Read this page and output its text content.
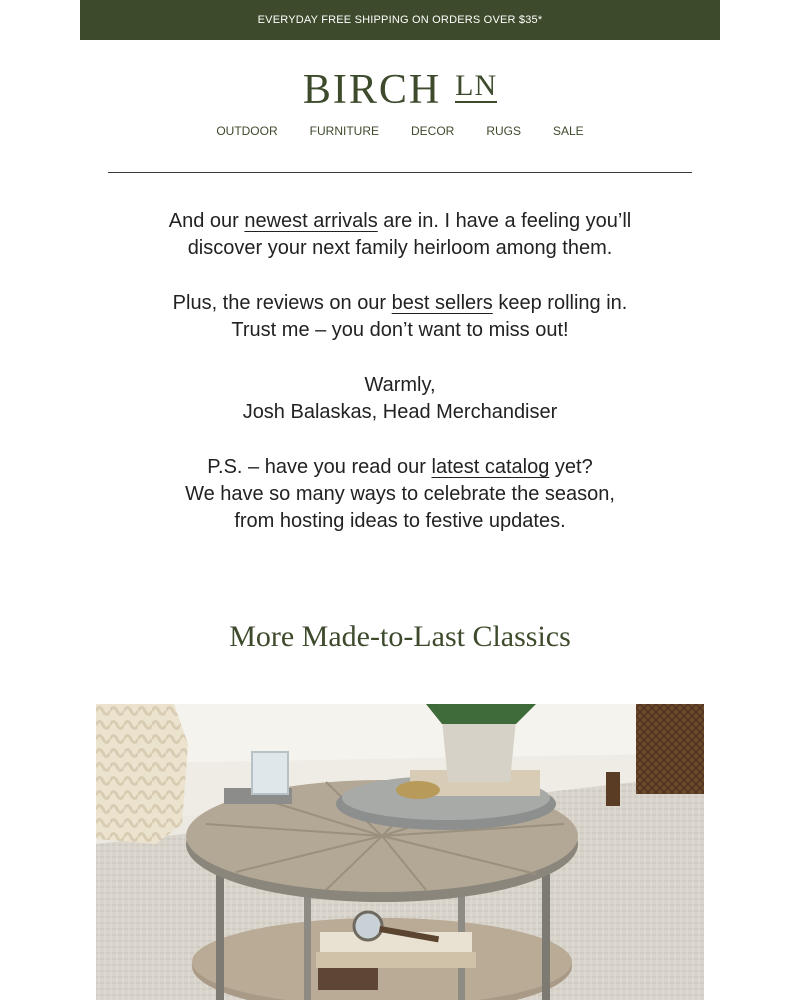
EVERYDAY FREE SHIPPING ON ORDERS OVER $35*
BIRCH LN
OUTDOOR	FURNITURE	DECOR	RUGS	SALE

And our newest arrivals are in. I have a feeling you’ll
discover your next family heirloom among them.

Plus, the reviews on our best sellers keep rolling in.
Trust me – you don’t want to miss out!

Warmly,
Josh Balaskas, Head Merchandiser

P.S. – have you read our latest catalog yet?
We have so many ways to celebrate the season,
from hosting ideas to festive updates.

More Made-to-Last Classics
